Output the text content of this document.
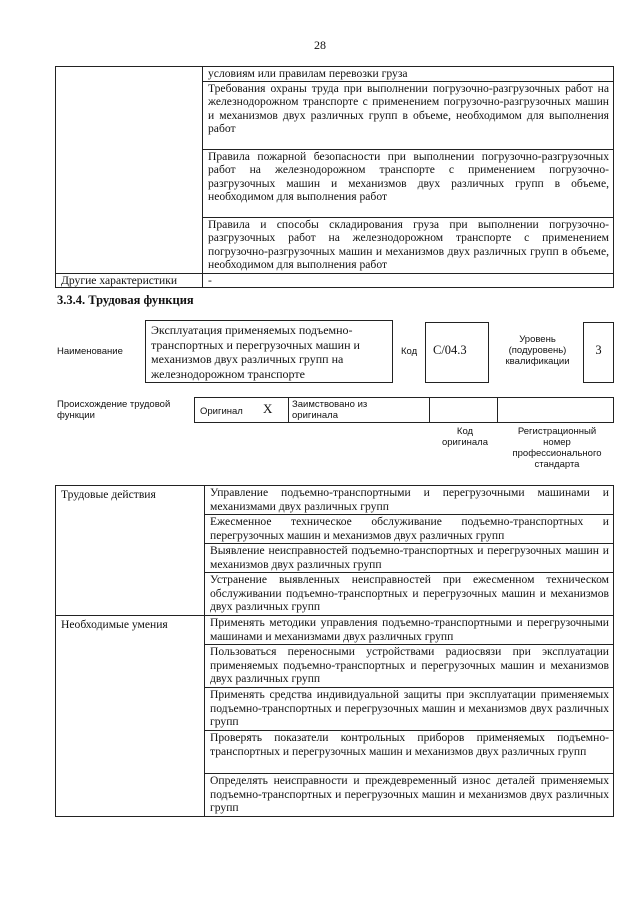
28
	условиям или правилам перевозки груза
	Требования охраны труда при выполнении погрузочно-разгрузочных работ на железнодорожном транспорте с применением погрузочно-разгрузочных машин и механизмов двух различных групп в объеме, необходимом для выполнения работ
	Правила пожарной безопасности при выполнении погрузочно-разгрузочных работ на железнодорожном транспорте с применением погрузочно-разгрузочных машин и механизмов двух различных групп в объеме, необходимом для выполнения работ
	Правила и способы складирования груза при выполнении погрузочно-разгрузочных работ на железнодорожном транспорте с применением погрузочно-разгрузочных машин и механизмов двух различных групп в объеме, необходимом для выполнения работ
Другие характеристики	-
3.3.4. Трудовая функция
Наименование
Эксплуатация применяемых подъемно-транспортных и перегрузочных машин и механизмов двух различных групп на железнодорожном транспорте
Код	С/04.3
Уровень (подуровень) квалификации
3
Происхождение трудовой функции	Оригинал X Заимствовано из оригинала
Код оригинала
Регистрационный номер профессионального стандарта
Трудовые действия	Управление подъемно-транспортными и перегрузочными машинами и механизмами двух различных групп
	Ежесменное техническое обслуживание подъемно-транспортных и перегрузочных машин и механизмов двух различных групп
	Выявление неисправностей подъемно-транспортных и перегрузочных машин и механизмов двух различных групп
	Устранение выявленных неисправностей при ежесменном техническом обслуживании подъемно-транспортных и перегрузочных машин и механизмов двух различных групп
Необходимые умения	Применять методики управления подъемно-транспортными и перегрузочными машинами и механизмами двух различных групп
	Пользоваться переносными устройствами радиосвязи при эксплуатации применяемых подъемно-транспортных и перегрузочных машин и механизмов двух различных групп
	Применять средства индивидуальной защиты при эксплуатации применяемых подъемно-транспортных и перегрузочных машин и механизмов двух различных групп
	Проверять показатели контрольных приборов применяемых подъемно-транспортных и перегрузочных машин и механизмов двух различных групп
	Определять неисправности и преждевременный износ деталей применяемых подъемно-транспортных и перегрузочных машин и механизмов двух различных групп
